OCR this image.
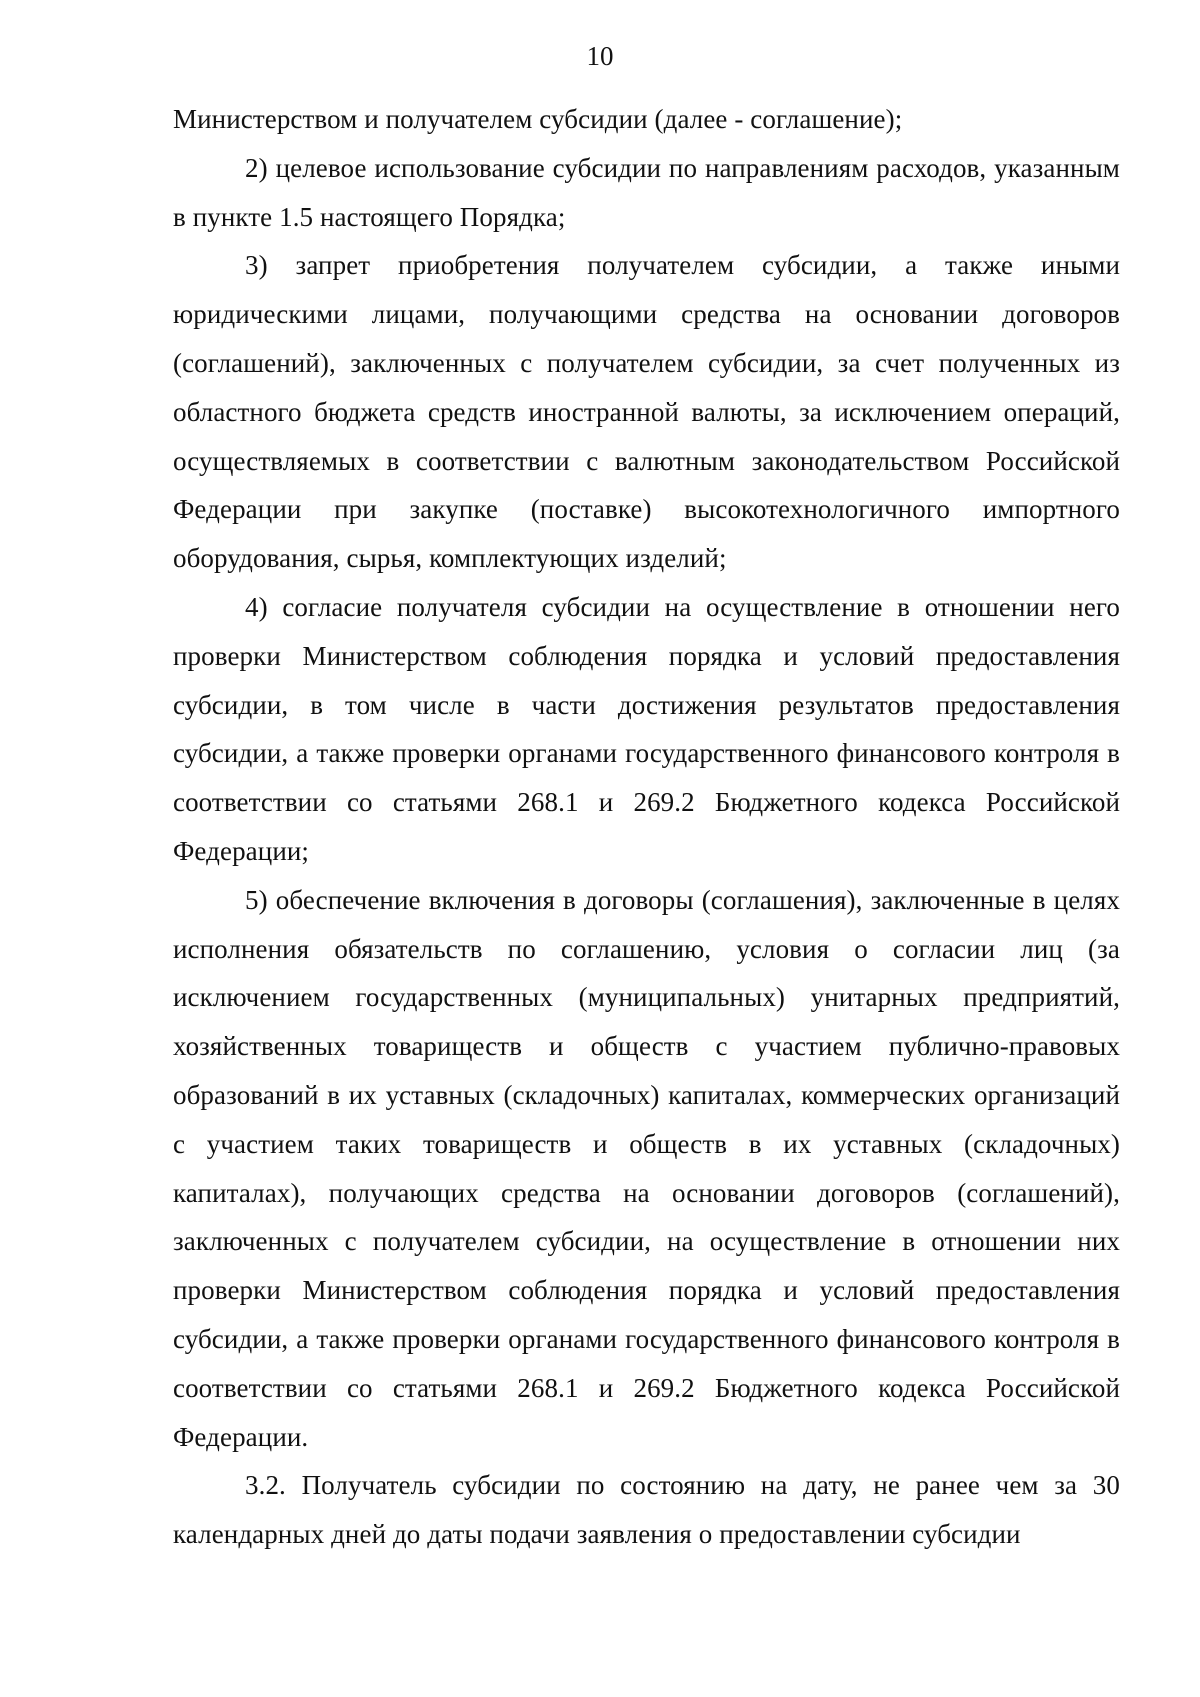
10

Министерством и получателем субсидии (далее - соглашение);

2) целевое использование субсидии по направлениям расходов, указанным в пункте 1.5 настоящего Порядка;

3) запрет приобретения получателем субсидии, а также иными юридическими лицами, получающими средства на основании договоров (соглашений), заключенных с получателем субсидии, за счет полученных из областного бюджета средств иностранной валюты, за исключением операций, осуществляемых в соответствии с валютным законодательством Российской Федерации при закупке (поставке) высокотехнологичного импортного оборудования, сырья, комплектующих изделий;

4) согласие получателя субсидии на осуществление в отношении него проверки Министерством соблюдения порядка и условий предоставления субсидии, в том числе в части достижения результатов предоставления субсидии, а также проверки органами государственного финансового контроля в соответствии со статьями 268.1 и 269.2 Бюджетного кодекса Российской Федерации;

5) обеспечение включения в договоры (соглашения), заключенные в целях исполнения обязательств по соглашению, условия о согласии лиц (за исключением государственных (муниципальных) унитарных предприятий, хозяйственных товариществ и обществ с участием публично-правовых образований в их уставных (складочных) капиталах, коммерческих организаций с участием таких товариществ и обществ в их уставных (складочных) капиталах), получающих средства на основании договоров (соглашений), заключенных с получателем субсидии, на осуществление в отношении них проверки Министерством соблюдения порядка и условий предоставления субсидии, а также проверки органами государственного финансового контроля в соответствии со статьями 268.1 и 269.2 Бюджетного кодекса Российской Федерации.

3.2. Получатель субсидии по состоянию на дату, не ранее чем за 30 календарных дней до даты подачи заявления о предоставлении субсидии
